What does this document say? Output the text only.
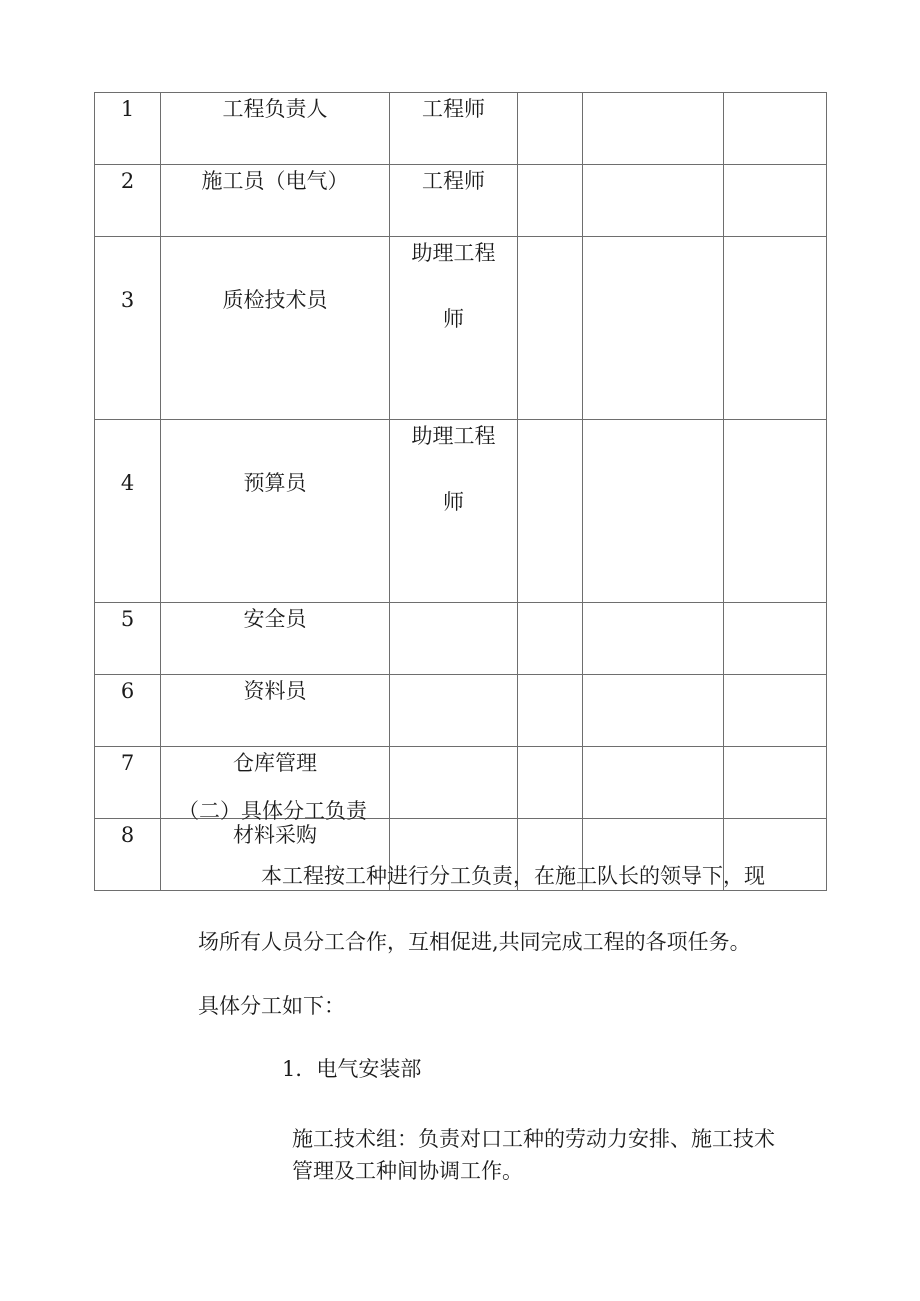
1	工程负责人	工程师			
2	施工员（电气）	工程师			
3	质检技术员	助理工程
师			

4	预算员	助理工程
师			

5	安全员				
6	资料员				
7	仓库管理				
8	材料采购				

（二）具体分工负责

本工程按工种进行分工负责，在施工队长的领导下，现

场所有人员分工合作，互相促进,共同完成工程的各项任务。

具体分工如下：

1．电气安装部

施工技术组：负责对口工种的劳动力安排、施工技术

管理及工种间协调工作。
